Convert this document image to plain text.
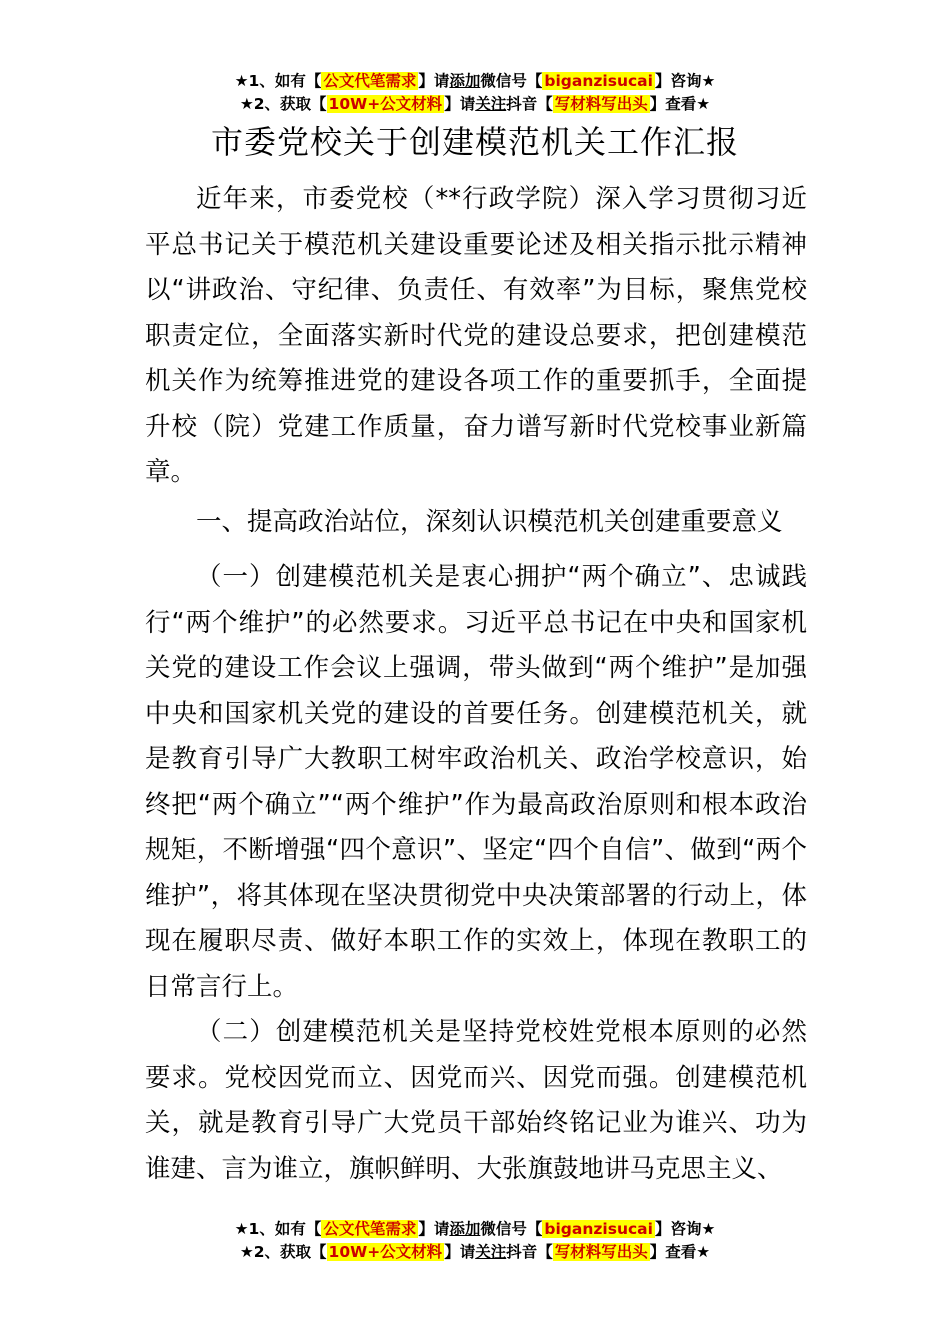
★1、如有【 公文代笔需求 】请添加微信号【 biganzisucai 】咨询★
★2、获取【 10W+公文材料 】请关注抖音【 写材料写出头 】查看★
市委党校关于创建模范机关工作汇报

近年来，市委党校（**行政学院）深入学习贯彻习近平总书记关于模范机关建设重要论述及相关指示批示精神以“讲政治、守纪律、负责任、有效率”为目标，聚焦党校职责定位，全面落实新时代党的建设总要求，把创建模范机关作为统筹推进党的建设各项工作的重要抓手，全面提升校（院）党建工作质量，奋力谱写新时代党校事业新篇章。

一、提高政治站位，深刻认识模范机关创建重要意义

（一）创建模范机关是衷心拥护“两个确立”、忠诚践行“两个维护”的必然要求。习近平总书记在中央和国家机关党的建设工作会议上强调，带头做到“两个维护”是加强中央和国家机关党的建设的首要任务。创建模范机关，就是教育引导广大教职工树牢政治机关、政治学校意识，始终把“两个确立”“两个维护”作为最高政治原则和根本政治规矩，不断增强“四个意识”、坚定“四个自信”、做到“两个维护”，将其体现在坚决贯彻党中央决策部署的行动上，体现在履职尽责、做好本职工作的实效上，体现在教职工的日常言行上。

（二）创建模范机关是坚持党校姓党根本原则的必然要求。党校因党而立、因党而兴、因党而强。创建模范机关，就是教育引导广大党员干部始终铭记业为谁兴、功为谁建、言为谁立，旗帜鲜明、大张旗鼓地讲马克思主义、

★1、如有【 公文代笔需求 】请添加微信号【 biganzisucai 】咨询★
★2、获取【 10W+公文材料 】请关注抖音【 写材料写出头 】查看★
